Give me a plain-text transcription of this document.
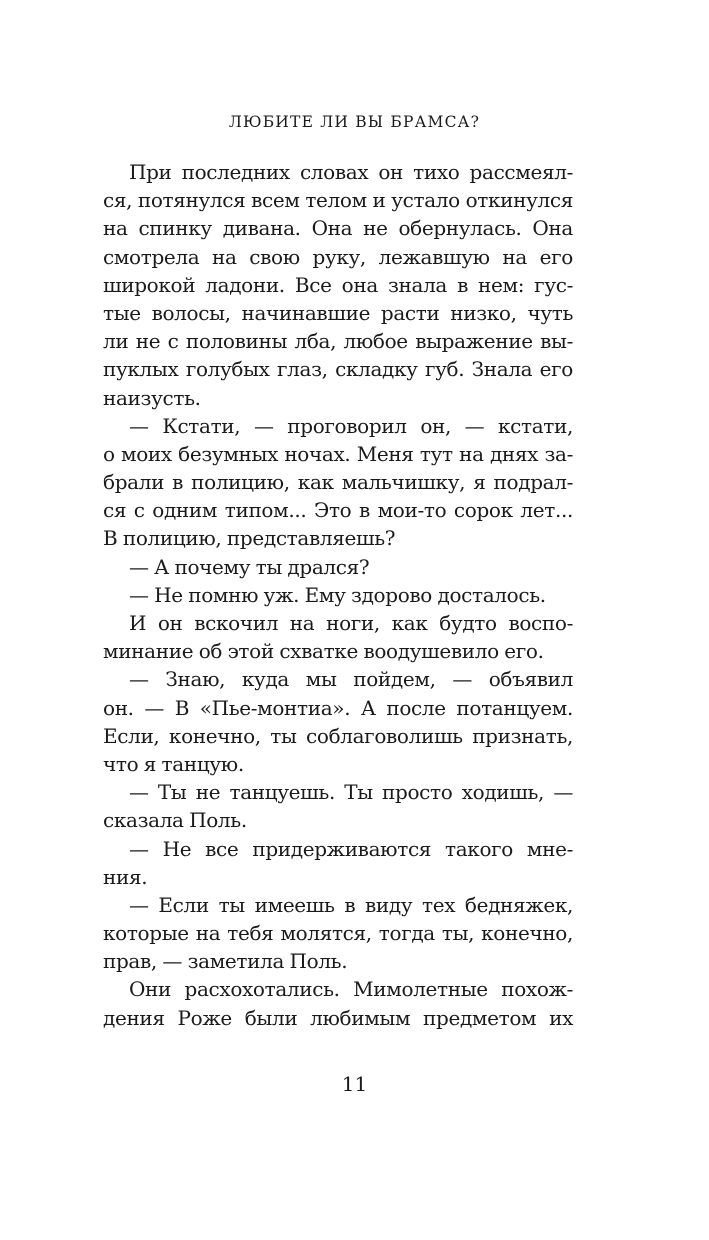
ЛЮБИТЕ ЛИ ВЫ БРАМСА?
При последних словах он тихо рассмеял-
ся, потянулся всем телом и устало откинулся
на спинку дивана. Она не обернулась. Она
смотрела на свою руку, лежавшую на его
широкой ладони. Все она знала в нем: гус-
тые волосы, начинавшие расти низко, чуть
ли не с половины лба, любое выражение вы-
пуклых голубых глаз, складку губ. Знала его
наизусть.
— Кстати, — проговорил он, — кстати,
о моих безумных ночах. Меня тут на днях за-
брали в полицию, как мальчишку, я подрал-
ся с одним типом... Это в мои-то сорок лет...
В полицию, представляешь?
— А почему ты дрался?
— Не помню уж. Ему здорово досталось.
И он вскочил на ноги, как будто воспо-
минание об этой схватке воодушевило его.
— Знаю, куда мы пойдем, — объявил
он. — В «Пье-монтиа». А после потанцуем.
Если, конечно, ты соблаговолишь признать,
что я танцую.
— Ты не танцуешь. Ты просто ходишь, —
сказала Поль.
— Не все придерживаются такого мне-
ния.
— Если ты имеешь в виду тех бедняжек,
которые на тебя молятся, тогда ты, конечно,
прав, — заметила Поль.
Они расхохотались. Мимолетные похож-
дения Роже были любимым предметом их
11
